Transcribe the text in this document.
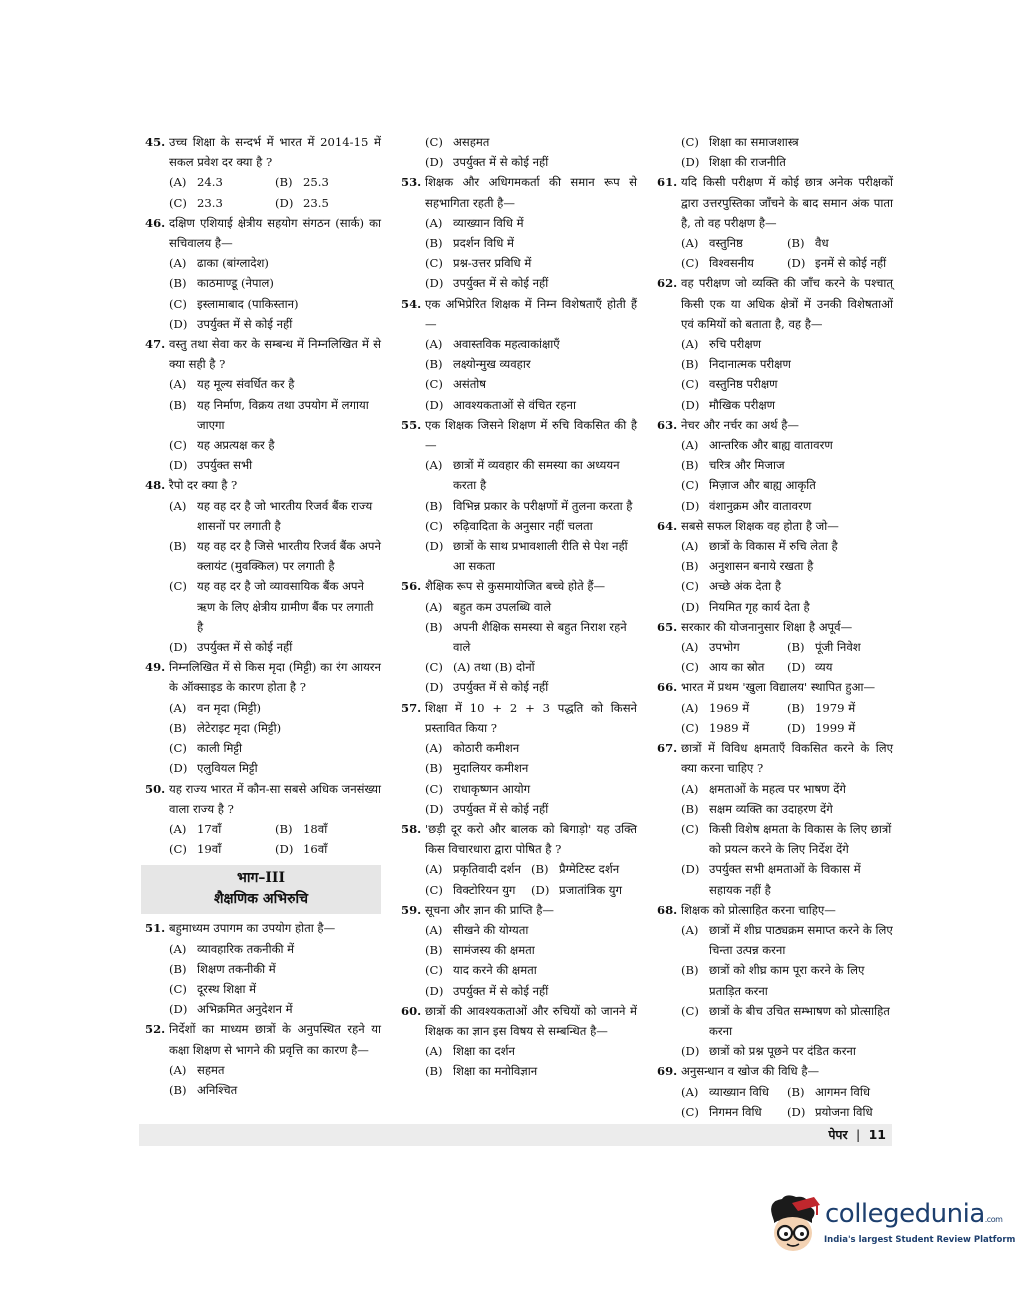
45. उच्च शिक्षा के सन्दर्भ में भारत में 2014-15 में सकल प्रवेश दर क्या है ?
(A) 24.3	(B) 25.3
(C) 23.3	(D) 23.5
46. दक्षिण एशियाई क्षेत्रीय सहयोग संगठन (सार्क) का सचिवालय है—
(A) ढाका (बांग्लादेश)
(B) काठमाण्डू (नेपाल)
(C) इस्लामाबाद (पाकिस्तान)
(D) उपर्युक्त में से कोई नहीं
47. वस्तु तथा सेवा कर के सम्बन्ध में निम्नलिखित में से क्या सही है ?
(A) यह मूल्य संवर्धित कर है
(B) यह निर्माण, विक्रय तथा उपयोग में लगाया जाएगा
(C) यह अप्रत्यक्ष कर है
(D) उपर्युक्त सभी
48. रैपो दर क्या है ?
(A) यह वह दर है जो भारतीय रिजर्व बैंक राज्य शासनों पर लगाती है
(B) यह वह दर है जिसे भारतीय रिजर्व बैंक अपने क्लायंट (मुवक्किल) पर लगाती है
(C) यह वह दर है जो व्यावसायिक बैंक अपने ऋण के लिए क्षेत्रीय ग्रामीण बैंक पर लगाती है
(D) उपर्युक्त में से कोई नहीं
49. निम्नलिखित में से किस मृदा (मिट्टी) का रंग आयरन के ऑक्साइड के कारण होता है ?
(A) वन मृदा (मिट्टी)
(B) लेटेराइट मृदा (मिट्टी)
(C) काली मिट्टी
(D) एलुवियल मिट्टी
50. यह राज्य भारत में कौन-सा सबसे अधिक जनसंख्या वाला राज्य है ?
(A) 17वाँ	(B) 18वाँ
(C) 19वाँ	(D) 16वाँ
भाग–III
शैक्षणिक अभिरुचि
51. बहुमाध्यम उपागम का उपयोग होता है—
(A) व्यावहारिक तकनीकी में
(B) शिक्षण तकनीकी में
(C) दूरस्थ शिक्षा में
(D) अभिक्रमित अनुदेशन में
52. निर्देशों का माध्यम छात्रों के अनुपस्थित रहने या कक्षा शिक्षण से भागने की प्रवृत्ति का कारण है—
(A) सहमत
(B) अनिश्चित
(C) असहमत
(D) उपर्युक्त में से कोई नहीं
53. शिक्षक और अधिगमकर्ता की समान रूप से सहभागिता रहती है—
(A) व्याख्यान विधि में
(B) प्रदर्शन विधि में
(C) प्रश्न-उत्तर प्रविधि में
(D) उपर्युक्त में से कोई नहीं
54. एक अभिप्रेरित शिक्षक में निम्न विशेषताएँ होती हैं—
(A) अवास्तविक महत्वाकांक्षाएँ
(B) लक्ष्योन्मुख व्यवहार
(C) असंतोष
(D) आवश्यकताओं से वंचित रहना
55. एक शिक्षक जिसने शिक्षण में रुचि विकसित की है—
(A) छात्रों में व्यवहार की समस्या का अध्ययन करता है
(B) विभिन्न प्रकार के परीक्षणों में तुलना करता है
(C) रुढ़िवादिता के अनुसार नहीं चलता
(D) छात्रों के साथ प्रभावशाली रीति से पेश नहीं आ सकता
56. शैक्षिक रूप से कुसमायोजित बच्चे होते हैं—
(A) बहुत कम उपलब्धि वाले
(B) अपनी शैक्षिक समस्या से बहुत निराश रहने वाले
(C) (A) तथा (B) दोनों
(D) उपर्युक्त में से कोई नहीं
57. शिक्षा में 10 + 2 + 3 पद्धति को किसने प्रस्तावित किया ?
(A) कोठारी कमीशन
(B) मुदालियर कमीशन
(C) राधाकृष्णन आयोग
(D) उपर्युक्त में से कोई नहीं
58. 'छड़ी दूर करो और बालक को बिगाड़ो' यह उक्ति किस विचारधारा द्वारा पोषित है ?
(A) प्रकृतिवादी दर्शन (B) प्रैग्मेटिस्ट दर्शन
(C) विक्टोरियन युग	(D) प्रजातांत्रिक युग
59. सूचना और ज्ञान की प्राप्ति है—
(A) सीखने की योग्यता
(B) सामंजस्य की क्षमता
(C) याद करने की क्षमता
(D) उपर्युक्त में से कोई नहीं
60. छात्रों की आवश्यकताओं और रुचियों को जानने में शिक्षक का ज्ञान इस विषय से सम्बन्धित है—
(A) शिक्षा का दर्शन
(B) शिक्षा का मनोविज्ञान
(C) शिक्षा का समाजशास्त्र
(D) शिक्षा की राजनीति
61. यदि किसी परीक्षण में कोई छात्र अनेक परीक्षकों द्वारा उत्तरपुस्तिका जाँचने के बाद समान अंक पाता है, तो वह परीक्षण है—
(A) वस्तुनिष्ठ	(B) वैध
(C) विश्वसनीय	(D) इनमें से कोई नहीं
62. वह परीक्षण जो व्यक्ति की जाँच करने के पश्चात् किसी एक या अधिक क्षेत्रों में उनकी विशेषताओं एवं कमियों को बताता है, वह है—
(A) रुचि परीक्षण
(B) निदानात्मक परीक्षण
(C) वस्तुनिष्ठ परीक्षण
(D) मौखिक परीक्षण
63. नेचर और नर्चर का अर्थ है—
(A) आन्तरिक और बाह्य वातावरण
(B) चरित्र और मिजाज
(C) मिज़ाज और बाह्य आकृति
(D) वंशानुक्रम और वातावरण
64. सबसे सफल शिक्षक वह होता है जो—
(A) छात्रों के विकास में रुचि लेता है
(B) अनुशासन बनाये रखता है
(C) अच्छे अंक देता है
(D) नियमित गृह कार्य देता है
65. सरकार की योजनानुसार शिक्षा है अपूर्व—
(A) उपभोग	(B) पूंजी निवेश
(C) आय का स्रोत	(D) व्यय
66. भारत में प्रथम 'खुला विद्यालय' स्थापित हुआ—
(A) 1969 में	(B) 1979 में
(C) 1989 में	(D) 1999 में
67. छात्रों में विविध क्षमताएँ विकसित करने के लिए क्या करना चाहिए ?
(A) क्षमताओं के महत्व पर भाषण देंगे
(B) सक्षम व्यक्ति का उदाहरण देंगे
(C) किसी विशेष क्षमता के विकास के लिए छात्रों को प्रयत्न करने के लिए निर्देश देंगे
(D) उपर्युक्त सभी क्षमताओं के विकास में सहायक नहीं है
68. शिक्षक को प्रोत्साहित करना चाहिए—
(A) छात्रों में शीघ्र पाठ्यक्रम समाप्त करने के लिए चिन्ता उत्पन्न करना
(B) छात्रों को शीघ्र काम पूरा करने के लिए प्रताड़ित करना
(C) छात्रों के बीच उचित सम्भाषण को प्रोत्साहित करना
(D) छात्रों को प्रश्न पूछने पर दंडित करना
69. अनुसन्धान व खोज की विधि है—
(A) व्याख्यान विधि	(B) आगमन विधि
(C) निगमन विधि	(D) प्रयोजना विधि
पेपर | 11
collegedunia.com
India's largest Student Review Platform
